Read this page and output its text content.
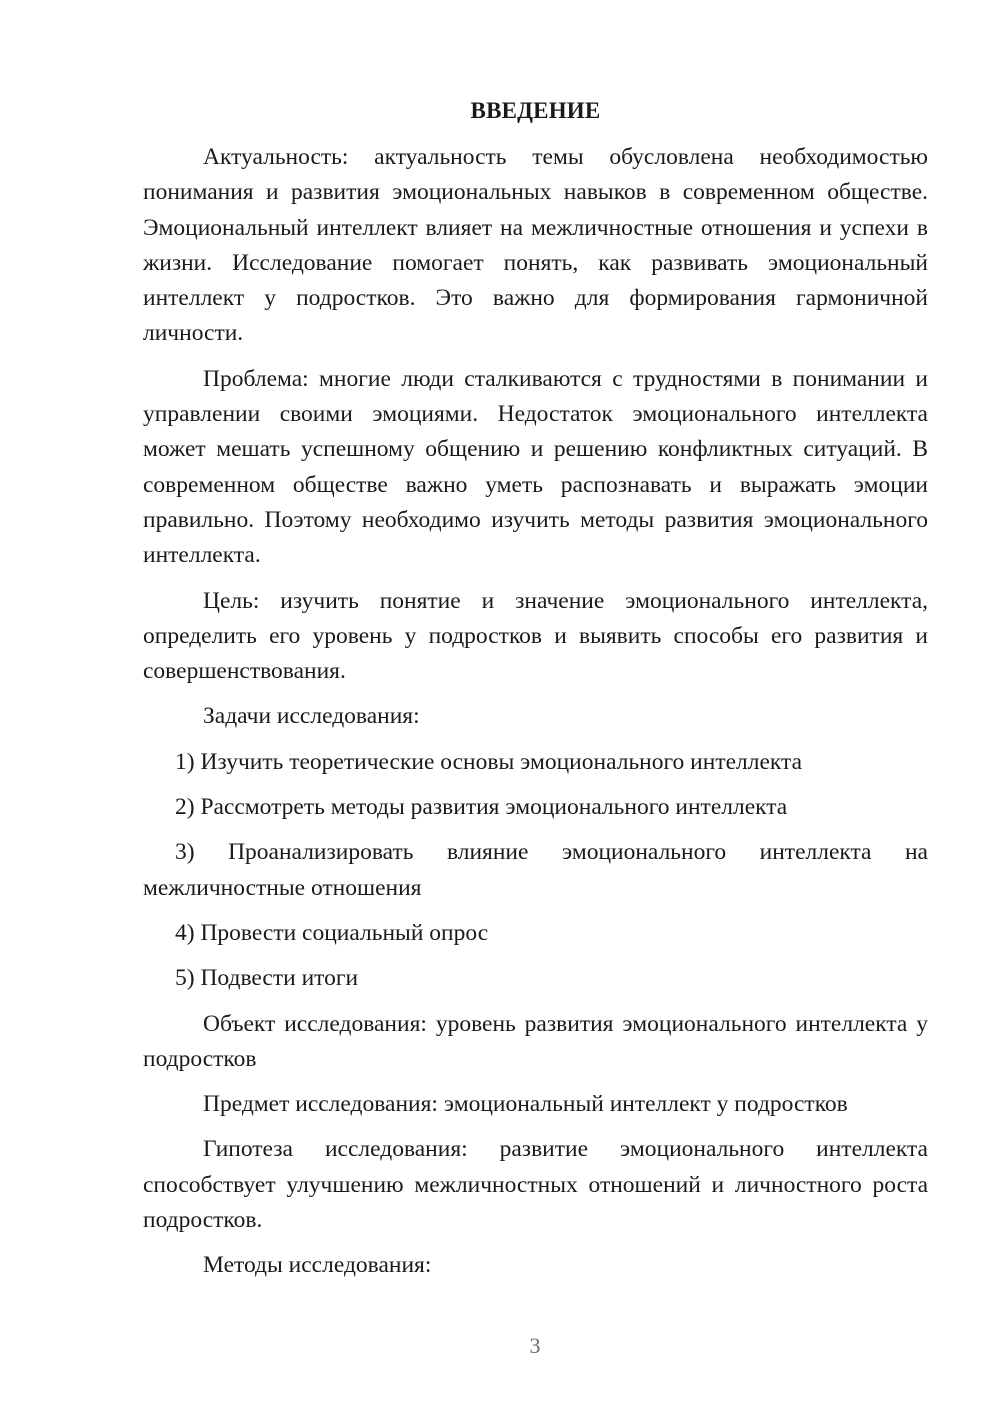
ВВЕДЕНИЕ

Актуальность: актуальность темы обусловлена необходимостью понимания и развития эмоциональных навыков в современном обществе. Эмоциональный интеллект влияет на межличностные отношения и успехи в жизни. Исследование помогает понять, как развивать эмоциональный интеллект у подростков. Это важно для формирования гармоничной личности.

Проблема: многие люди сталкиваются с трудностями в понимании и управлении своими эмоциями. Недостаток эмоционального интеллекта может мешать успешному общению и решению конфликтных ситуаций. В современном обществе важно уметь распознавать и выражать эмоции правильно. Поэтому необходимо изучить методы развития эмоционального интеллекта.

Цель: изучить понятие и значение эмоционального интеллекта, определить его уровень у подростков и выявить способы его развития и совершенствования.

Задачи исследования:

1) Изучить теоретические основы эмоционального интеллекта

2) Рассмотреть методы развития эмоционального интеллекта

3) Проанализировать влияние эмоционального интеллекта на межличностные отношения

4) Провести социальный опрос

5) Подвести итоги

Объект исследования: уровень развития эмоционального интеллекта у подростков

Предмет исследования: эмоциональный интеллект у подростков

Гипотеза исследования: развитие эмоционального интеллекта способствует улучшению межличностных отношений и личностного роста подростков.

Методы исследования:

3
